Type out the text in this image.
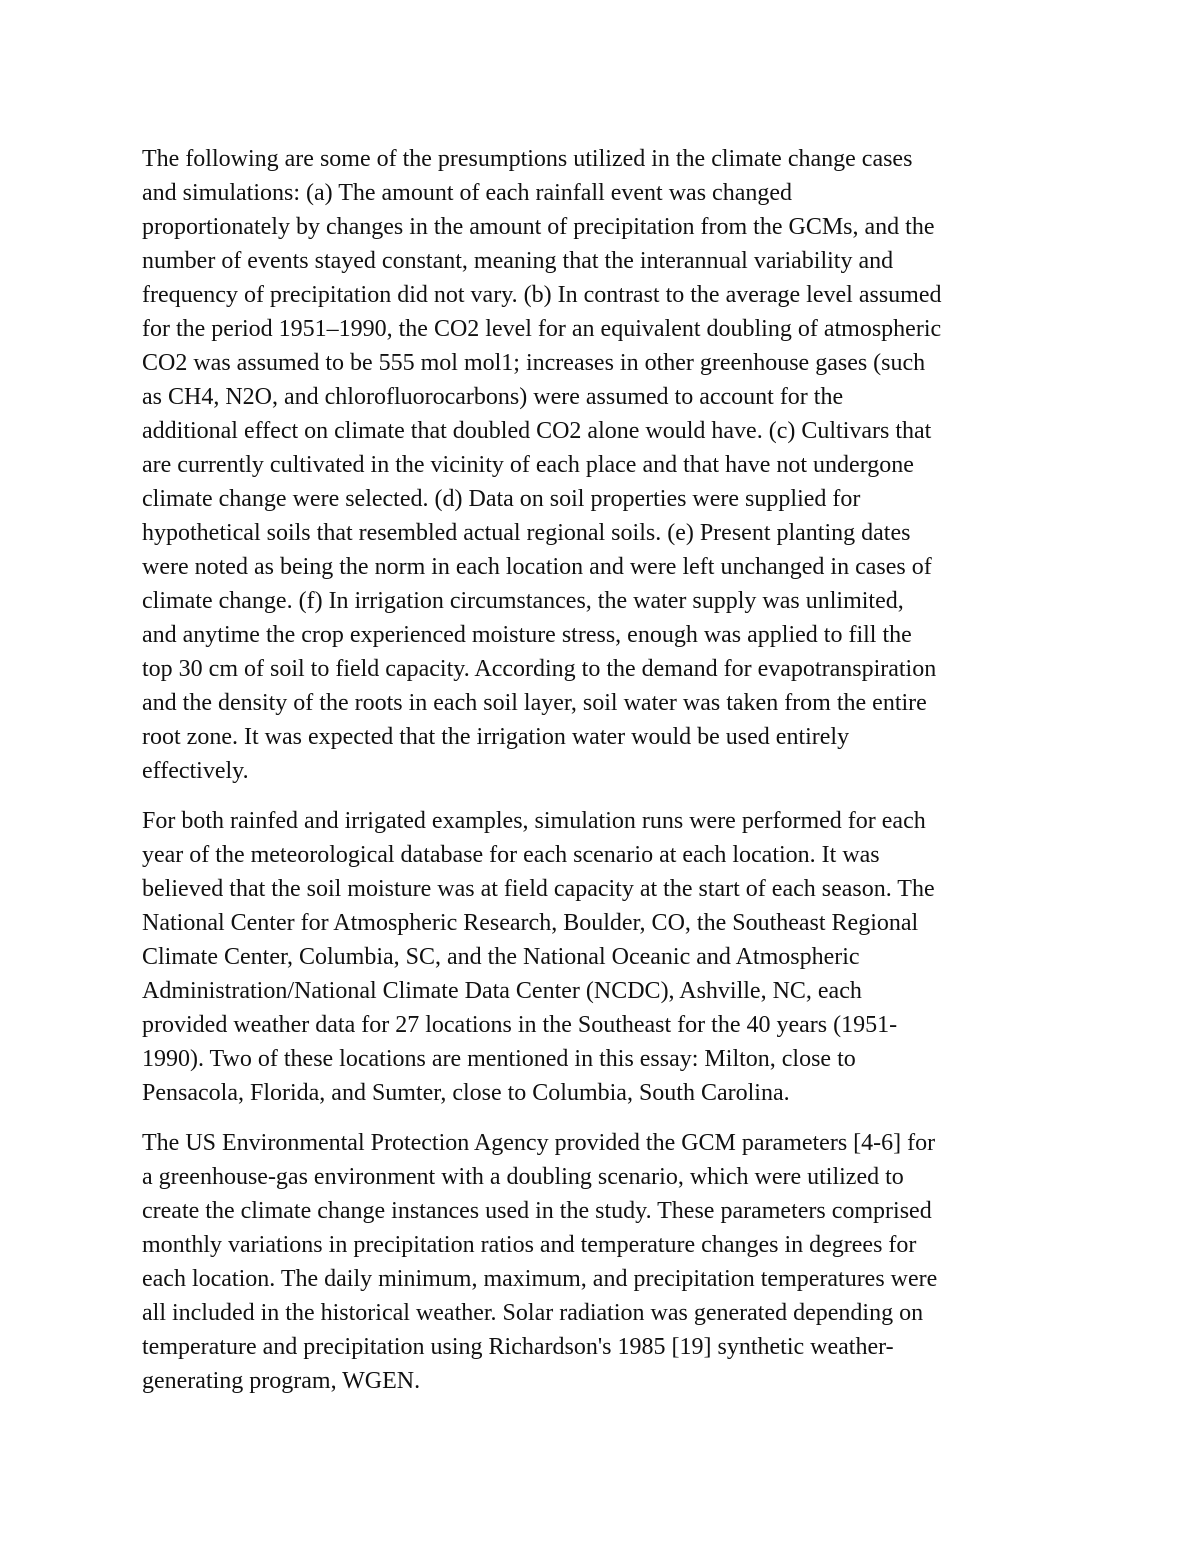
The following are some of the presumptions utilized in the climate change cases
and simulations: (a) The amount of each rainfall event was changed
proportionately by changes in the amount of precipitation from the GCMs, and the
number of events stayed constant, meaning that the interannual variability and
frequency of precipitation did not vary. (b) In contrast to the average level assumed
for the period 1951–1990, the CO2 level for an equivalent doubling of atmospheric
CO2 was assumed to be 555 mol mol1; increases in other greenhouse gases (such
as CH4, N2O, and chlorofluorocarbons) were assumed to account for the
additional effect on climate that doubled CO2 alone would have. (c) Cultivars that
are currently cultivated in the vicinity of each place and that have not undergone
climate change were selected. (d) Data on soil properties were supplied for
hypothetical soils that resembled actual regional soils. (e) Present planting dates
were noted as being the norm in each location and were left unchanged in cases of
climate change. (f) In irrigation circumstances, the water supply was unlimited,
and anytime the crop experienced moisture stress, enough was applied to fill the
top 30 cm of soil to field capacity. According to the demand for evapotranspiration
and the density of the roots in each soil layer, soil water was taken from the entire
root zone. It was expected that the irrigation water would be used entirely
effectively.

For both rainfed and irrigated examples, simulation runs were performed for each
year of the meteorological database for each scenario at each location. It was
believed that the soil moisture was at field capacity at the start of each season. The
National Center for Atmospheric Research, Boulder, CO, the Southeast Regional
Climate Center, Columbia, SC, and the National Oceanic and Atmospheric
Administration/National Climate Data Center (NCDC), Ashville, NC, each
provided weather data for 27 locations in the Southeast for the 40 years (1951-
1990). Two of these locations are mentioned in this essay: Milton, close to
Pensacola, Florida, and Sumter, close to Columbia, South Carolina.

The US Environmental Protection Agency provided the GCM parameters [4-6] for
a greenhouse-gas environment with a doubling scenario, which were utilized to
create the climate change instances used in the study. These parameters comprised
monthly variations in precipitation ratios and temperature changes in degrees for
each location. The daily minimum, maximum, and precipitation temperatures were
all included in the historical weather. Solar radiation was generated depending on
temperature and precipitation using Richardson's 1985 [19] synthetic weather-
generating program, WGEN.
